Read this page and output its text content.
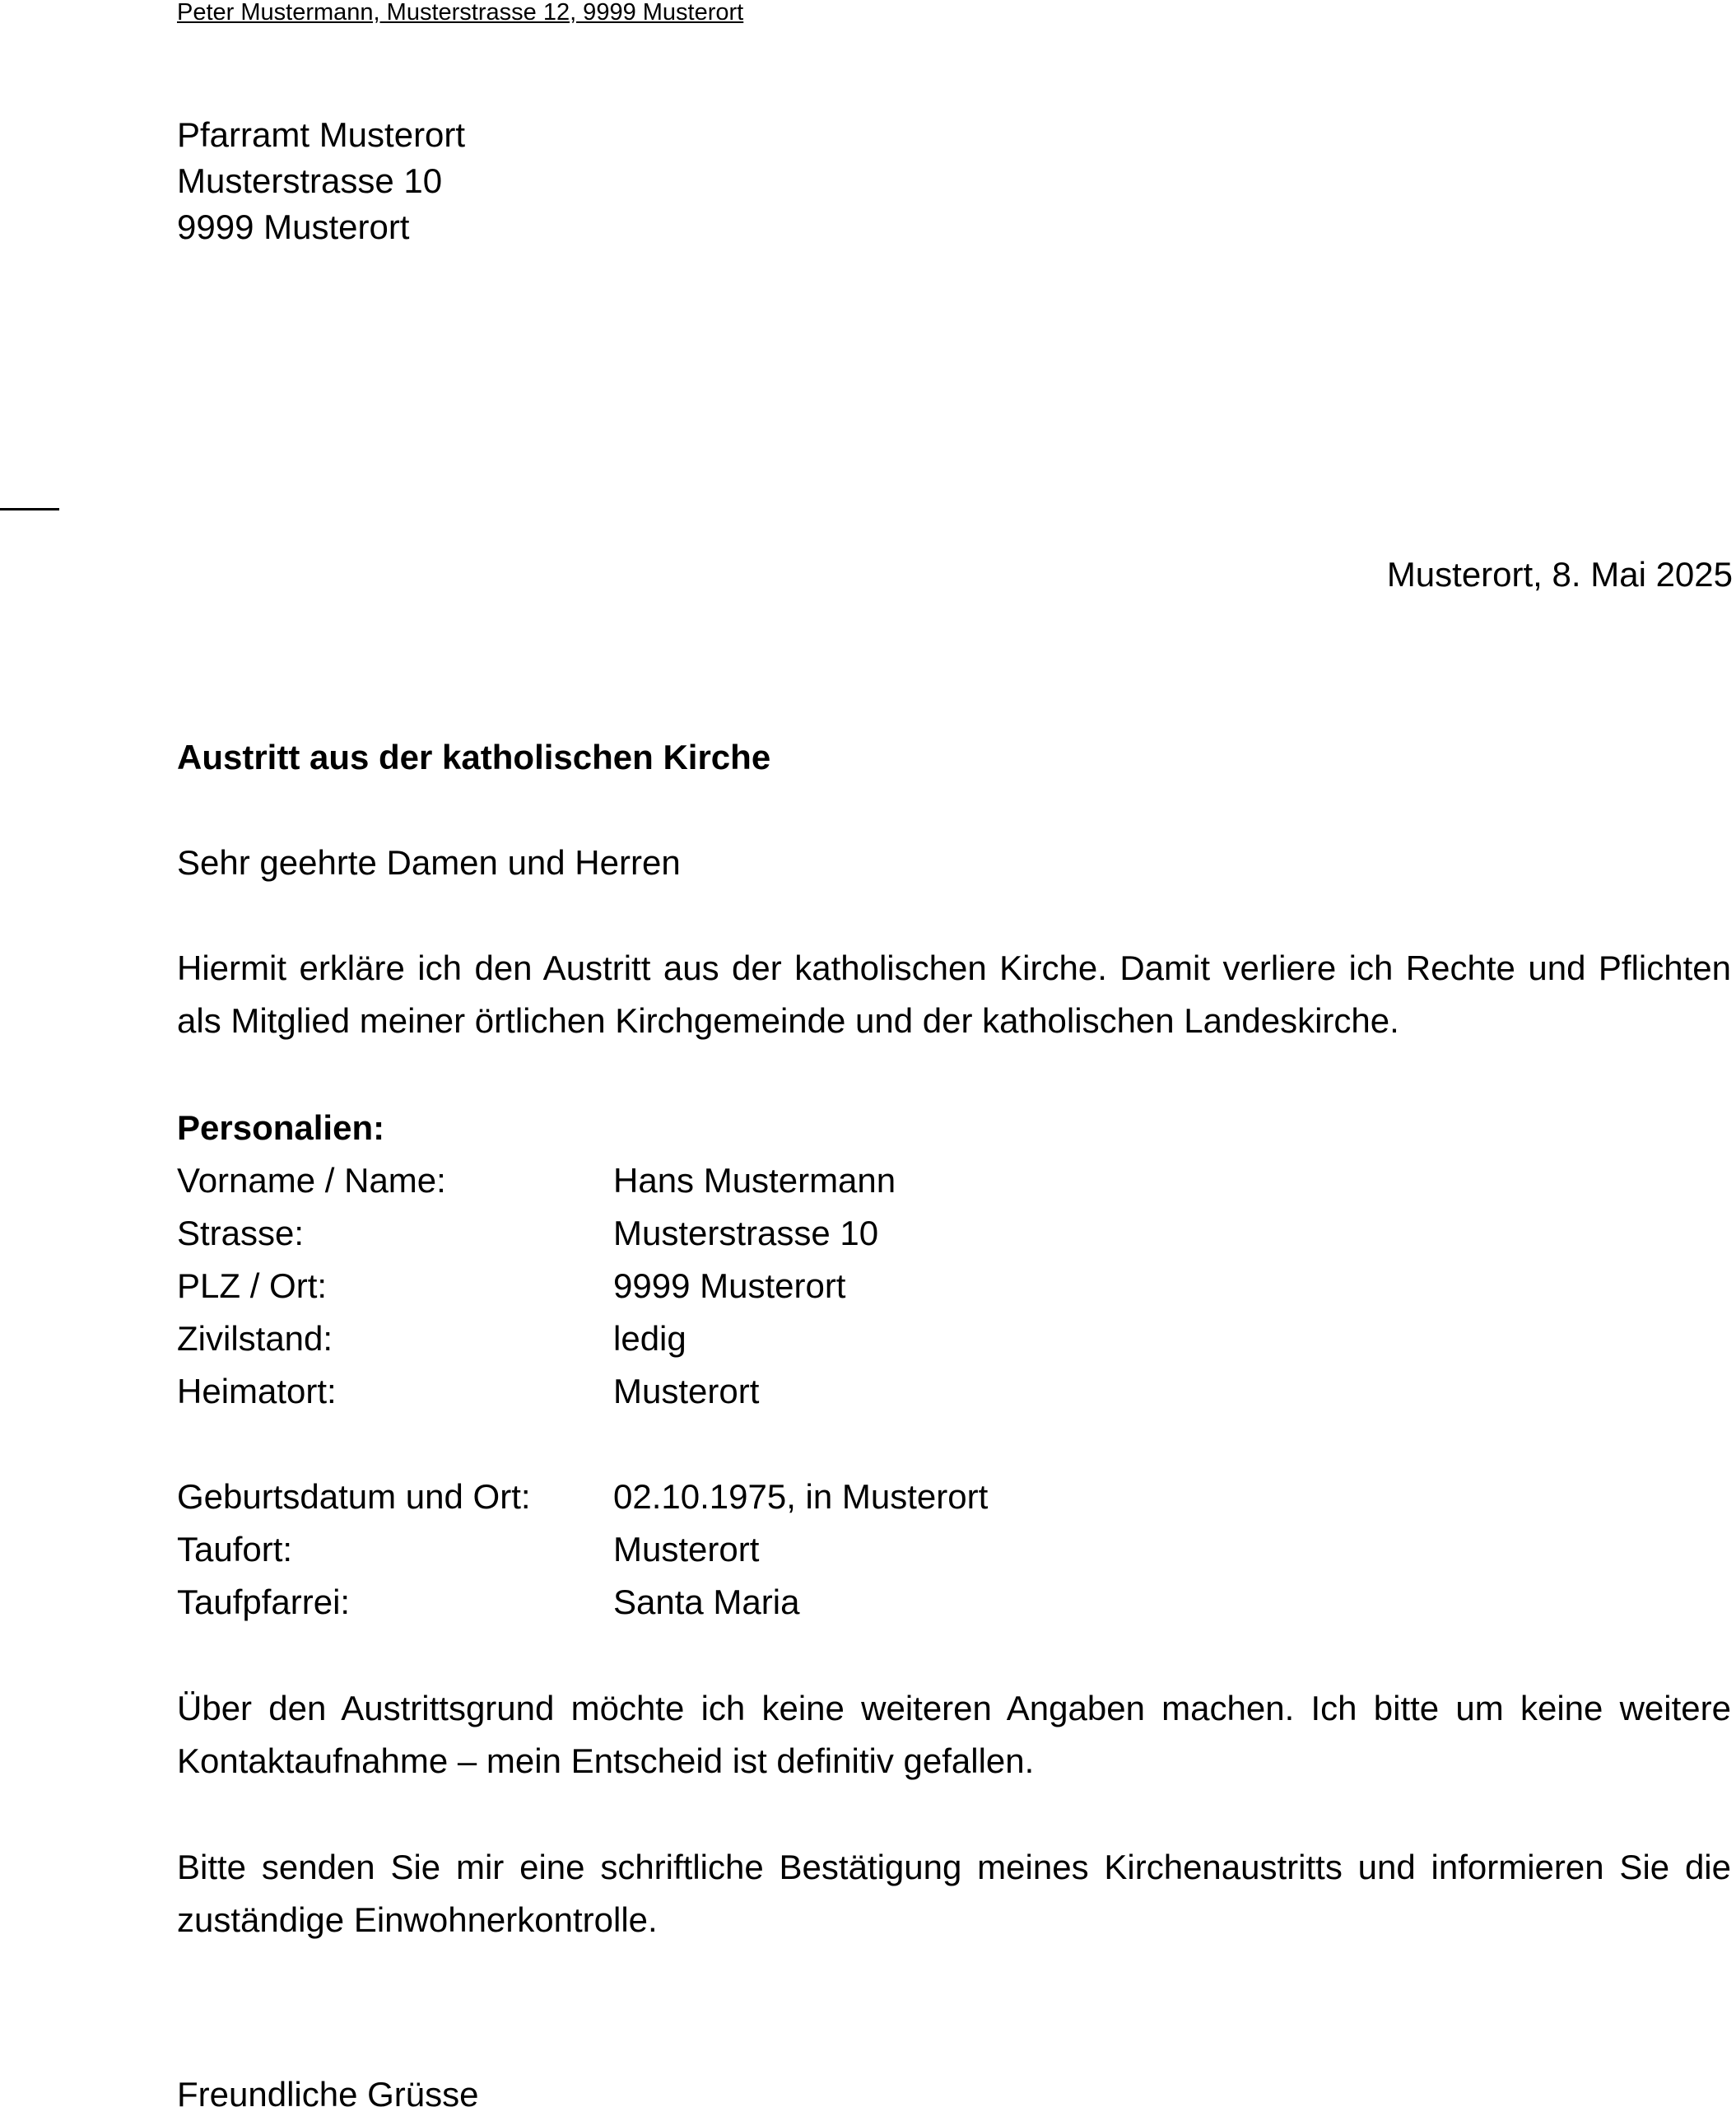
Peter Mustermann, Musterstrasse 12, 9999 Musterort
Pfarramt Musterort
Musterstrasse 10
9999 Musterort
Musterort, 8. Mai 2025
Austritt aus der katholischen Kirche
Sehr geehrte Damen und Herren
Hiermit erkläre ich den Austritt aus der katholischen Kirche. Damit verliere ich Rechte und Pflichten als Mitglied meiner örtlichen Kirchgemeinde und der katholischen Landeskirche.
Personalien:
Vorname / Name:	Hans Mustermann
Strasse:	Musterstrasse 10
PLZ / Ort:	9999 Musterort
Zivilstand:	ledig
Heimatort:	Musterort
Geburtsdatum und Ort:	02.10.1975, in Musterort
Taufort:	Musterort
Taufpfarrei:	Santa Maria
Über den Austrittsgrund möchte ich keine weiteren Angaben machen. Ich bitte um keine weitere Kontaktaufnahme – mein Entscheid ist definitiv gefallen.
Bitte senden Sie mir eine schriftliche Bestätigung meines Kirchenaustritts und informieren Sie die zuständige Einwohnerkontrolle.
Freundliche Grüsse
